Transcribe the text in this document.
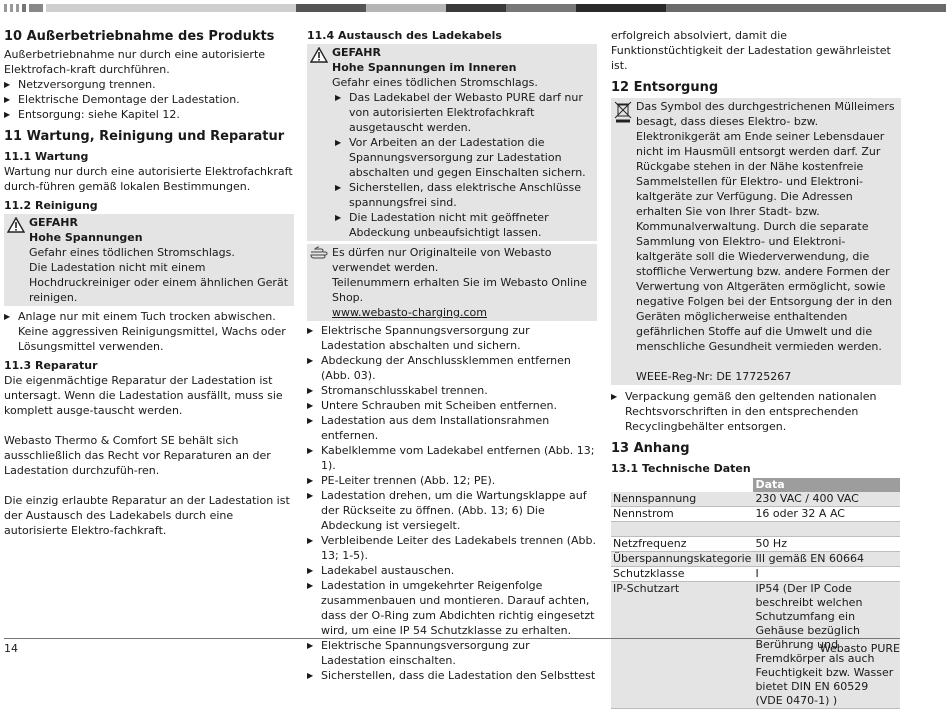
10 Außerbetriebnahme des Produkts

Außerbetriebnahme nur durch eine autorisierte Elektrofach-kraft durchführen.

▶ Netzversorgung trennen.
▶ Elektrische Demontage der Ladestation.
▶ Entsorgung: siehe Kapitel 12.
11 Wartung, Reinigung und Reparatur
11.1 Wartung

Wartung nur durch eine autorisierte Elektrofachkraft durch-führen gemäß lokalen Bestimmungen.

11.2 Reinigung
GEFAHR
Hohe Spannungen

Gefahr eines tödlichen Stromschlags.

Die Ladestation nicht mit einem Hochdruckreiniger oder einem ähnlichen Gerät reinigen.

▶ Anlage nur mit einem Tuch trocken abwischen. Keine aggressiven Reinigungsmittel, Wachs oder Lösungsmittel verwenden.
11.3 Reparatur

Die eigenmächtige Reparatur der Ladestation ist untersagt. Wenn die Ladestation ausfällt, muss sie komplett ausge-tauscht werden.

Webasto Thermo & Comfort SE behält sich ausschließlich das Recht vor Reparaturen an der Ladestation durchzufüh-ren.

Die einzig erlaubte Reparatur an der Ladestation ist der Austausch des Ladekabels durch eine autorisierte Elektro-fachkraft.

11.4 Austausch des Ladekabels
GEFAHR
Hohe Spannungen im Inneren

Gefahr eines tödlichen Stromschlags.

▶ Das Ladekabel der Webasto PURE darf nur von autorisierten Elektrofachkraft ausgetauscht werden.
▶ Vor Arbeiten an der Ladestation die Spannungsversorgung zur Ladestation abschalten und gegen Einschalten sichern.
▶ Sicherstellen, dass elektrische Anschlüsse spannungsfrei sind.
▶ Die Ladestation nicht mit geöffneter Abdeckung unbeaufsichtigt lassen.

Es dürfen nur Originalteile von Webasto verwendet werden.

Teilenummern erhalten Sie im Webasto Online Shop.

www.webasto-charging.com

▶ Elektrische Spannungsversorgung zur Ladestation abschalten und sichern.
▶ Abdeckung der Anschlussklemmen entfernen (Abb. 03).
▶ Stromanschlusskabel trennen.
▶ Untere Schrauben mit Scheiben entfernen.
▶ Ladestation aus dem Installationsrahmen entfernen.
▶ Kabelklemme vom Ladekabel entfernen (Abb. 13; 1).
▶ PE-Leiter trennen (Abb. 12; PE).
▶ Ladestation drehen, um die Wartungsklappe auf der Rückseite zu öffnen. (Abb. 13; 6) Die Abdeckung ist versiegelt.
▶ Verbleibende Leiter des Ladekabels trennen (Abb. 13; 1-5).
▶ Ladekabel austauschen.
▶ Ladestation in umgekehrter Reigenfolge zusammenbauen und montieren. Darauf achten, dass der O-Ring zum Abdichten richtig eingesetzt wird, um eine IP 54 Schutzklasse zu erhalten.
▶ Elektrische Spannungsversorgung zur Ladestation einschalten.
▶ Sicherstellen, dass die Ladestation den Selbsttest

erfolgreich absolviert, damit die Funktionstüchtigkeit der Ladestation gewährleistet ist.

12 Entsorgung

Das Symbol des durchgestrichenen Mülleimers besagt, dass dieses Elektro- bzw. Elektronikgerät am Ende seiner Lebensdauer nicht im Hausmüll entsorgt werden darf. Zur Rückgabe stehen in der Nähe kostenfreie Sammelstellen für Elektro- und Elektroni-kaltgeräte zur Verfügung. Die Adressen erhalten Sie von Ihrer Stadt- bzw. Kommunalverwaltung. Durch die separate Sammlung von Elektro- und Elektroni-kaltgeräte soll die Wiederverwendung, die stoffliche Verwertung bzw. andere Formen der Verwertung von Altgeräten ermöglicht, sowie negative Folgen bei der Entsorgung der in den Geräten möglicherweise enthaltenden gefährlichen Stoffe auf die Umwelt und die menschliche Gesundheit vermieden werden.

WEEE-Reg-Nr: DE 17725267

▶ Verpackung gemäß den geltenden nationalen Rechtsvorschriften in den entsprechenden Recyclingbehälter entsorgen.
13 Anhang
13.1 Technische Daten
	Data
Nennspannung	230 VAC / 400 VAC
Nennstrom	16 oder 32 A AC

Netzfrequenz	50 Hz
Überspannungskategorie	III gemäß EN 60664
Schutzklasse	I
IP-Schutzart	IP54 (Der IP Code beschreibt welchen Schutzumfang ein Gehäuse bezüglich Berührung und Fremdkörper als auch Feuchtigkeit bzw. Wasser bietet DIN EN 60529 (VDE 0470-1) )
14	Webasto PURE
